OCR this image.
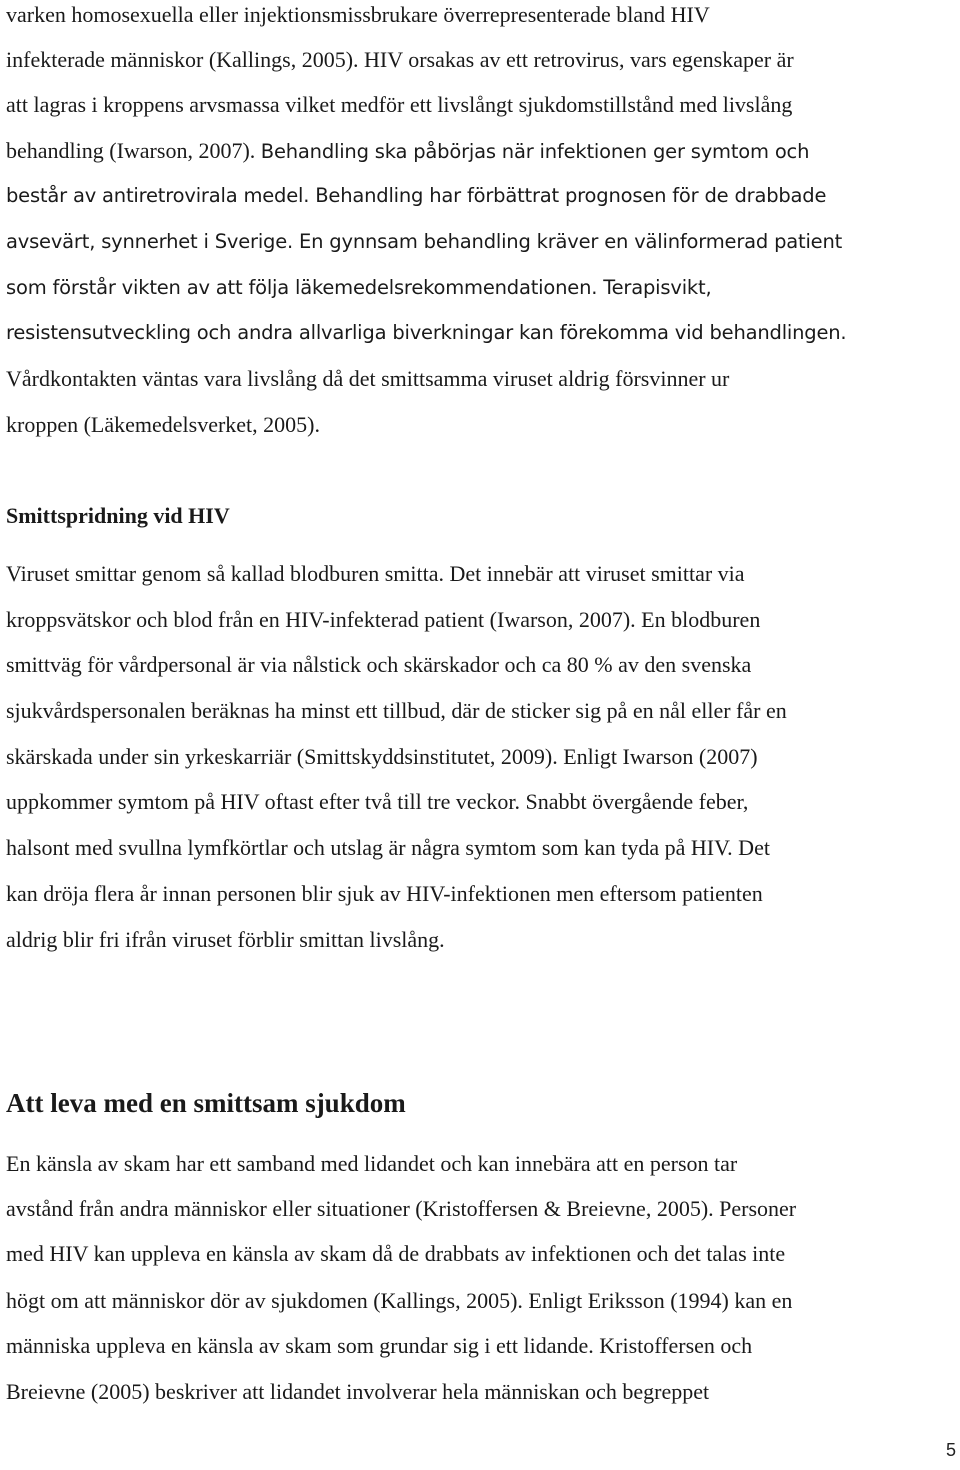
varken homosexuella eller injektionsmissbrukare överrepresenterade bland HIV
infekterade människor (Kallings, 2005). HIV orsakas av ett retrovirus, vars egenskaper är
att lagras i kroppens arvsmassa vilket medför ett livslångt sjukdomstillstånd med livslång
behandling (Iwarson, 2007). Behandling ska påbörjas när infektionen ger symtom och
består av antiretrovirala medel. Behandling har förbättrat prognosen för de drabbade
avsevärt, synnerhet i Sverige. En gynnsam behandling kräver en välinformerad patient
som förstår vikten av att följa läkemedelsrekommendationen. Terapisvikt,
resistensutveckling och andra allvarliga biverkningar kan förekomma vid behandlingen.
Vårdkontakten väntas vara livslång då det smittsamma viruset aldrig försvinner ur
kroppen (Läkemedelsverket, 2005).
Smittspridning vid HIV
Viruset smittar genom så kallad blodburen smitta. Det innebär att viruset smittar via
kroppsvätskor och blod från en HIV-infekterad patient (Iwarson, 2007). En blodburen
smittväg för vårdpersonal är via nålstick och skärskador och ca 80 % av den svenska
sjukvårdspersonalen beräknas ha minst ett tillbud, där de sticker sig på en nål eller får en
skärskada under sin yrkeskarriär (Smittskyddsinstitutet, 2009). Enligt Iwarson (2007)
uppkommer symtom på HIV oftast efter två till tre veckor. Snabbt övergående feber,
halsont med svullna lymfkörtlar och utslag är några symtom som kan tyda på HIV. Det
kan dröja flera år innan personen blir sjuk av HIV-infektionen men eftersom patienten
aldrig blir fri ifrån viruset förblir smittan livslång.
Att leva med en smittsam sjukdom
En känsla av skam har ett samband med lidandet och kan innebära att en person tar
avstånd från andra människor eller situationer (Kristoffersen & Breievne, 2005). Personer
med HIV kan uppleva en känsla av skam då de drabbats av infektionen och det talas inte
högt om att människor dör av sjukdomen (Kallings, 2005). Enligt Eriksson (1994) kan en
människa uppleva en känsla av skam som grundar sig i ett lidande. Kristoffersen och
Breievne (2005) beskriver att lidandet involverar hela människan och begreppet
5
